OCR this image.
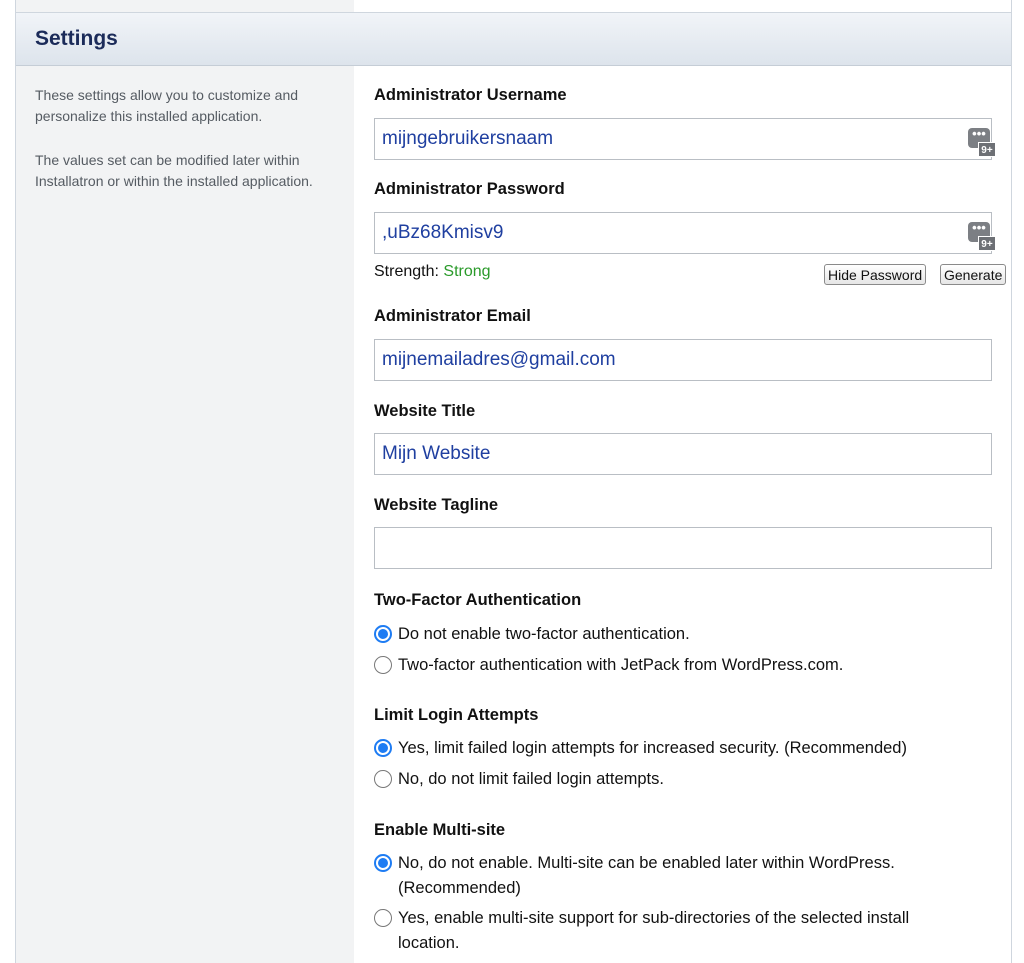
Settings

These settings allow you to customize and personalize this installed application.

The values set can be modified later within Installatron or within the installed application.

Administrator Username
mijngebruikersnaam
•••
9+
Administrator Password
,uBz68Kmisv9
•••
9+
Strength: Strong	Hide Password Generate
Administrator Email
mijnemailadres@gmail.com
Website Title
Mijn Website
Website Tagline
Two-Factor Authentication
Do not enable two-factor authentication.
Two-factor authentication with JetPack from WordPress.com.
Limit Login Attempts
Yes, limit failed login attempts for increased security. (Recommended)
No, do not limit failed login attempts.
Enable Multi-site
No, do not enable. Multi-site can be enabled later within WordPress. (Recommended)
Yes, enable multi-site support for sub-directories of the selected install location.
